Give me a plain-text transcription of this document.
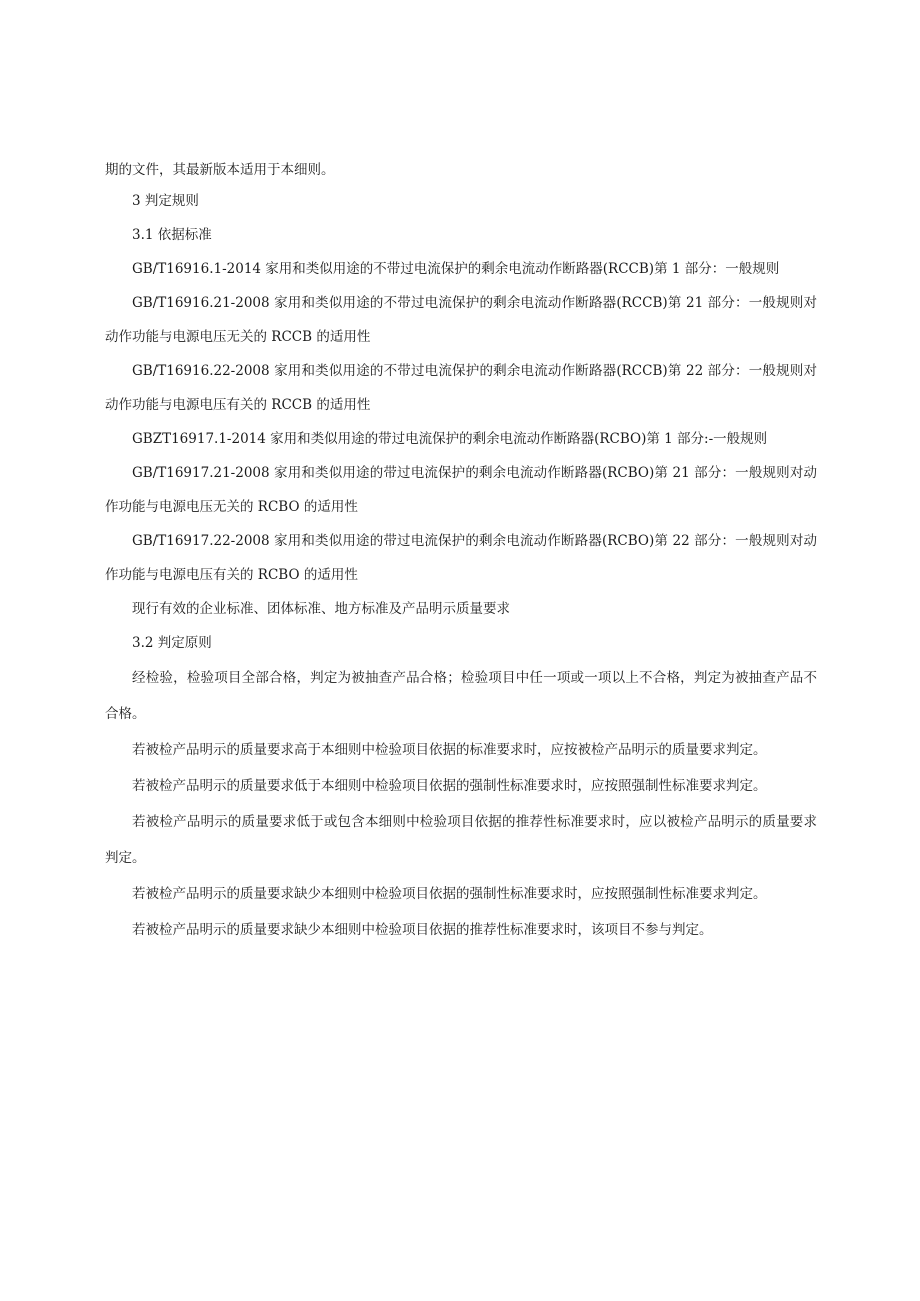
期的文件，其最新版本适用于本细则。

3 判定规则

3.1 依据标准

GB/T16916.1-2014 家用和类似用途的不带过电流保护的剩余电流动作断路器(RCCB)第 1 部分：一般规则

GB/T16916.21-2008 家用和类似用途的不带过电流保护的剩余电流动作断路器(RCCB)第 21 部分：一般规则对动作功能与电源电压无关的 RCCB 的适用性

GB/T16916.22-2008 家用和类似用途的不带过电流保护的剩余电流动作断路器(RCCB)第 22 部分：一般规则对动作功能与电源电压有关的 RCCB 的适用性

GBZT16917.1-2014 家用和类似用途的带过电流保护的剩余电流动作断路器(RCBO)第 1 部分:-一般规则

GB/T16917.21-2008 家用和类似用途的带过电流保护的剩余电流动作断路器(RCBO)第 21 部分：一般规则对动作功能与电源电压无关的 RCBO 的适用性

GB/T16917.22-2008 家用和类似用途的带过电流保护的剩余电流动作断路器(RCBO)第 22 部分：一般规则对动作功能与电源电压有关的 RCBO 的适用性

现行有效的企业标准、团体标准、地方标准及产品明示质量要求

3.2 判定原则

经检验，检验项目全部合格，判定为被抽查产品合格；检验项目中任一项或一项以上不合格，判定为被抽查产品不合格。

若被检产品明示的质量要求高于本细则中检验项目依据的标准要求时，应按被检产品明示的质量要求判定。

若被检产品明示的质量要求低于本细则中检验项目依据的强制性标准要求时，应按照强制性标准要求判定。

若被检产品明示的质量要求低于或包含本细则中检验项目依据的推荐性标准要求时，应以被检产品明示的质量要求判定。

若被检产品明示的质量要求缺少本细则中检验项目依据的强制性标准要求时，应按照强制性标准要求判定。

若被检产品明示的质量要求缺少本细则中检验项目依据的推荐性标准要求时，该项目不参与判定。
